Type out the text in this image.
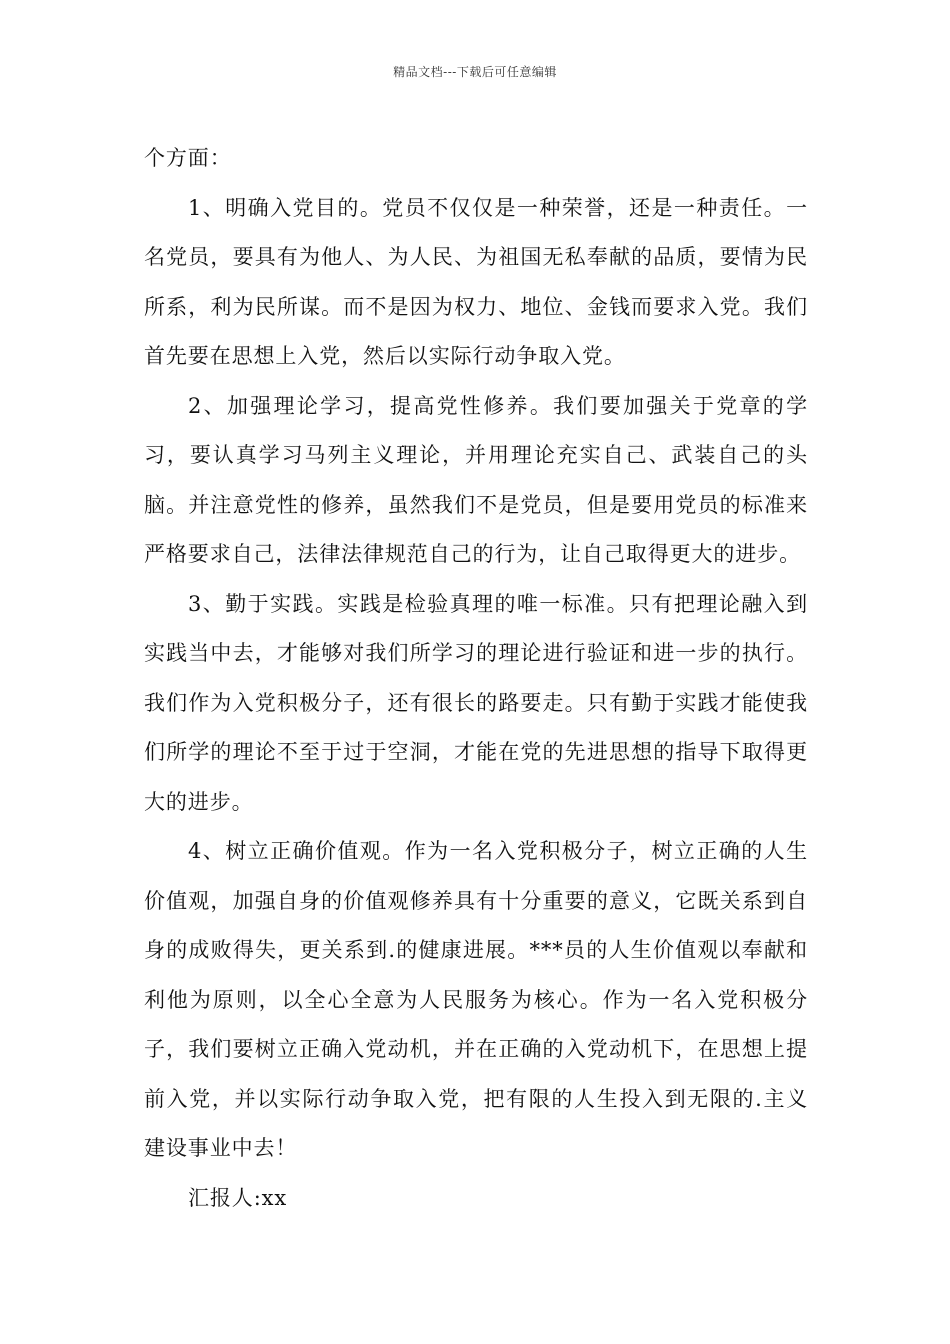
精品文档---下载后可任意编辑

个方面：

1、明确入党目的。党员不仅仅是一种荣誉，还是一种责任。一名党员，要具有为他人、为人民、为祖国无私奉献的品质，要情为民所系，利为民所谋。而不是因为权力、地位、金钱而要求入党。我们首先要在思想上入党，然后以实际行动争取入党。

2、加强理论学习，提高党性修养。我们要加强关于党章的学习，要认真学习马列主义理论，并用理论充实自己、武装自己的头脑。并注意党性的修养，虽然我们不是党员，但是要用党员的标准来严格要求自己，法律法律规范自己的行为，让自己取得更大的进步。

3、勤于实践。实践是检验真理的唯一标准。只有把理论融入到实践当中去，才能够对我们所学习的理论进行验证和进一步的执行。我们作为入党积极分子，还有很长的路要走。只有勤于实践才能使我们所学的理论不至于过于空洞，才能在党的先进思想的指导下取得更大的进步。

4、树立正确价值观。作为一名入党积极分子，树立正确的人生价值观，加强自身的价值观修养具有十分重要的意义，它既关系到自身的成败得失，更关系到.的健康进展。***员的人生价值观以奉献和利他为原则，以全心全意为人民服务为核心。作为一名入党积极分子，我们要树立正确入党动机，并在正确的入党动机下，在思想上提前入党，并以实际行动争取入党，把有限的人生投入到无限的.主义建设事业中去！

汇报人:xx
